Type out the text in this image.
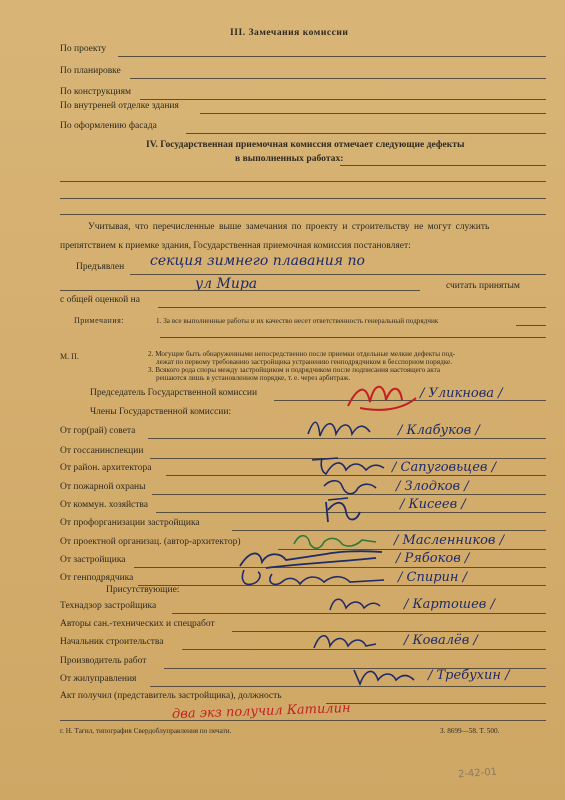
III. Замечания комиссии
По проекту
По планировке
По конструкциям
По внутреней отделке здания
По оформлению фасада
IV. Государственная приемочная комиссия отмечает следующие дефекты
в выполненных работах:
Учитывая, что перечисленные выше замечания по проекту и строительству не могут служить
препятствием к приемке здания, Государственная приемочная комиссия постановляет:
Предъявлен секция зимнего плавания по
ул Мира	считать принятым
с общей оценкой на
Примечания:	1. За все выполненные работы и их качество несет ответственность генеральный подрядчик
М. П.	2. Могущие быть обнаруженными непосредственно после приемки отдельные мелкие дефекты под-
лежат по первому требованию застройщика устранению генподрядчиком в бесспорном порядке.
3. Всякого рода споры между застройщиком и подрядчиком после подписания настоящего акта
решаются лишь в установленном порядке, т. е. через арбитраж.
Председатель Государственной комиссии	/ Уликнова /
Члены Государственной комиссии:
От гор(рай) совета	/ Клабуков /
От госсанинспекции
От район. архитектора	/ Сапуговьцев /
От пожарной охраны	/ Злодков /
От коммун. хозяйства	/ Кисеев /
От профорганизации застройщика
От проектной организац. (автор-архитектор)	/ Масленников /
От застройщика	/ Рябоков /
От генподрядчика	/ Спирин /
Присутствующие:
Технадзор застройщика	/ Картошев /
Авторы сан.-технических и спецработ
Начальник строительства	/ Ковалёв /
Производитель работ
От жилуправления	/ Требухин /
Акт получил (представитель застройщика), должность
два экз получил Катилин
г. Н. Тагил, типография Свердоблуправления по печати.	З. 8699—58. Т. 500.
2-42-01
